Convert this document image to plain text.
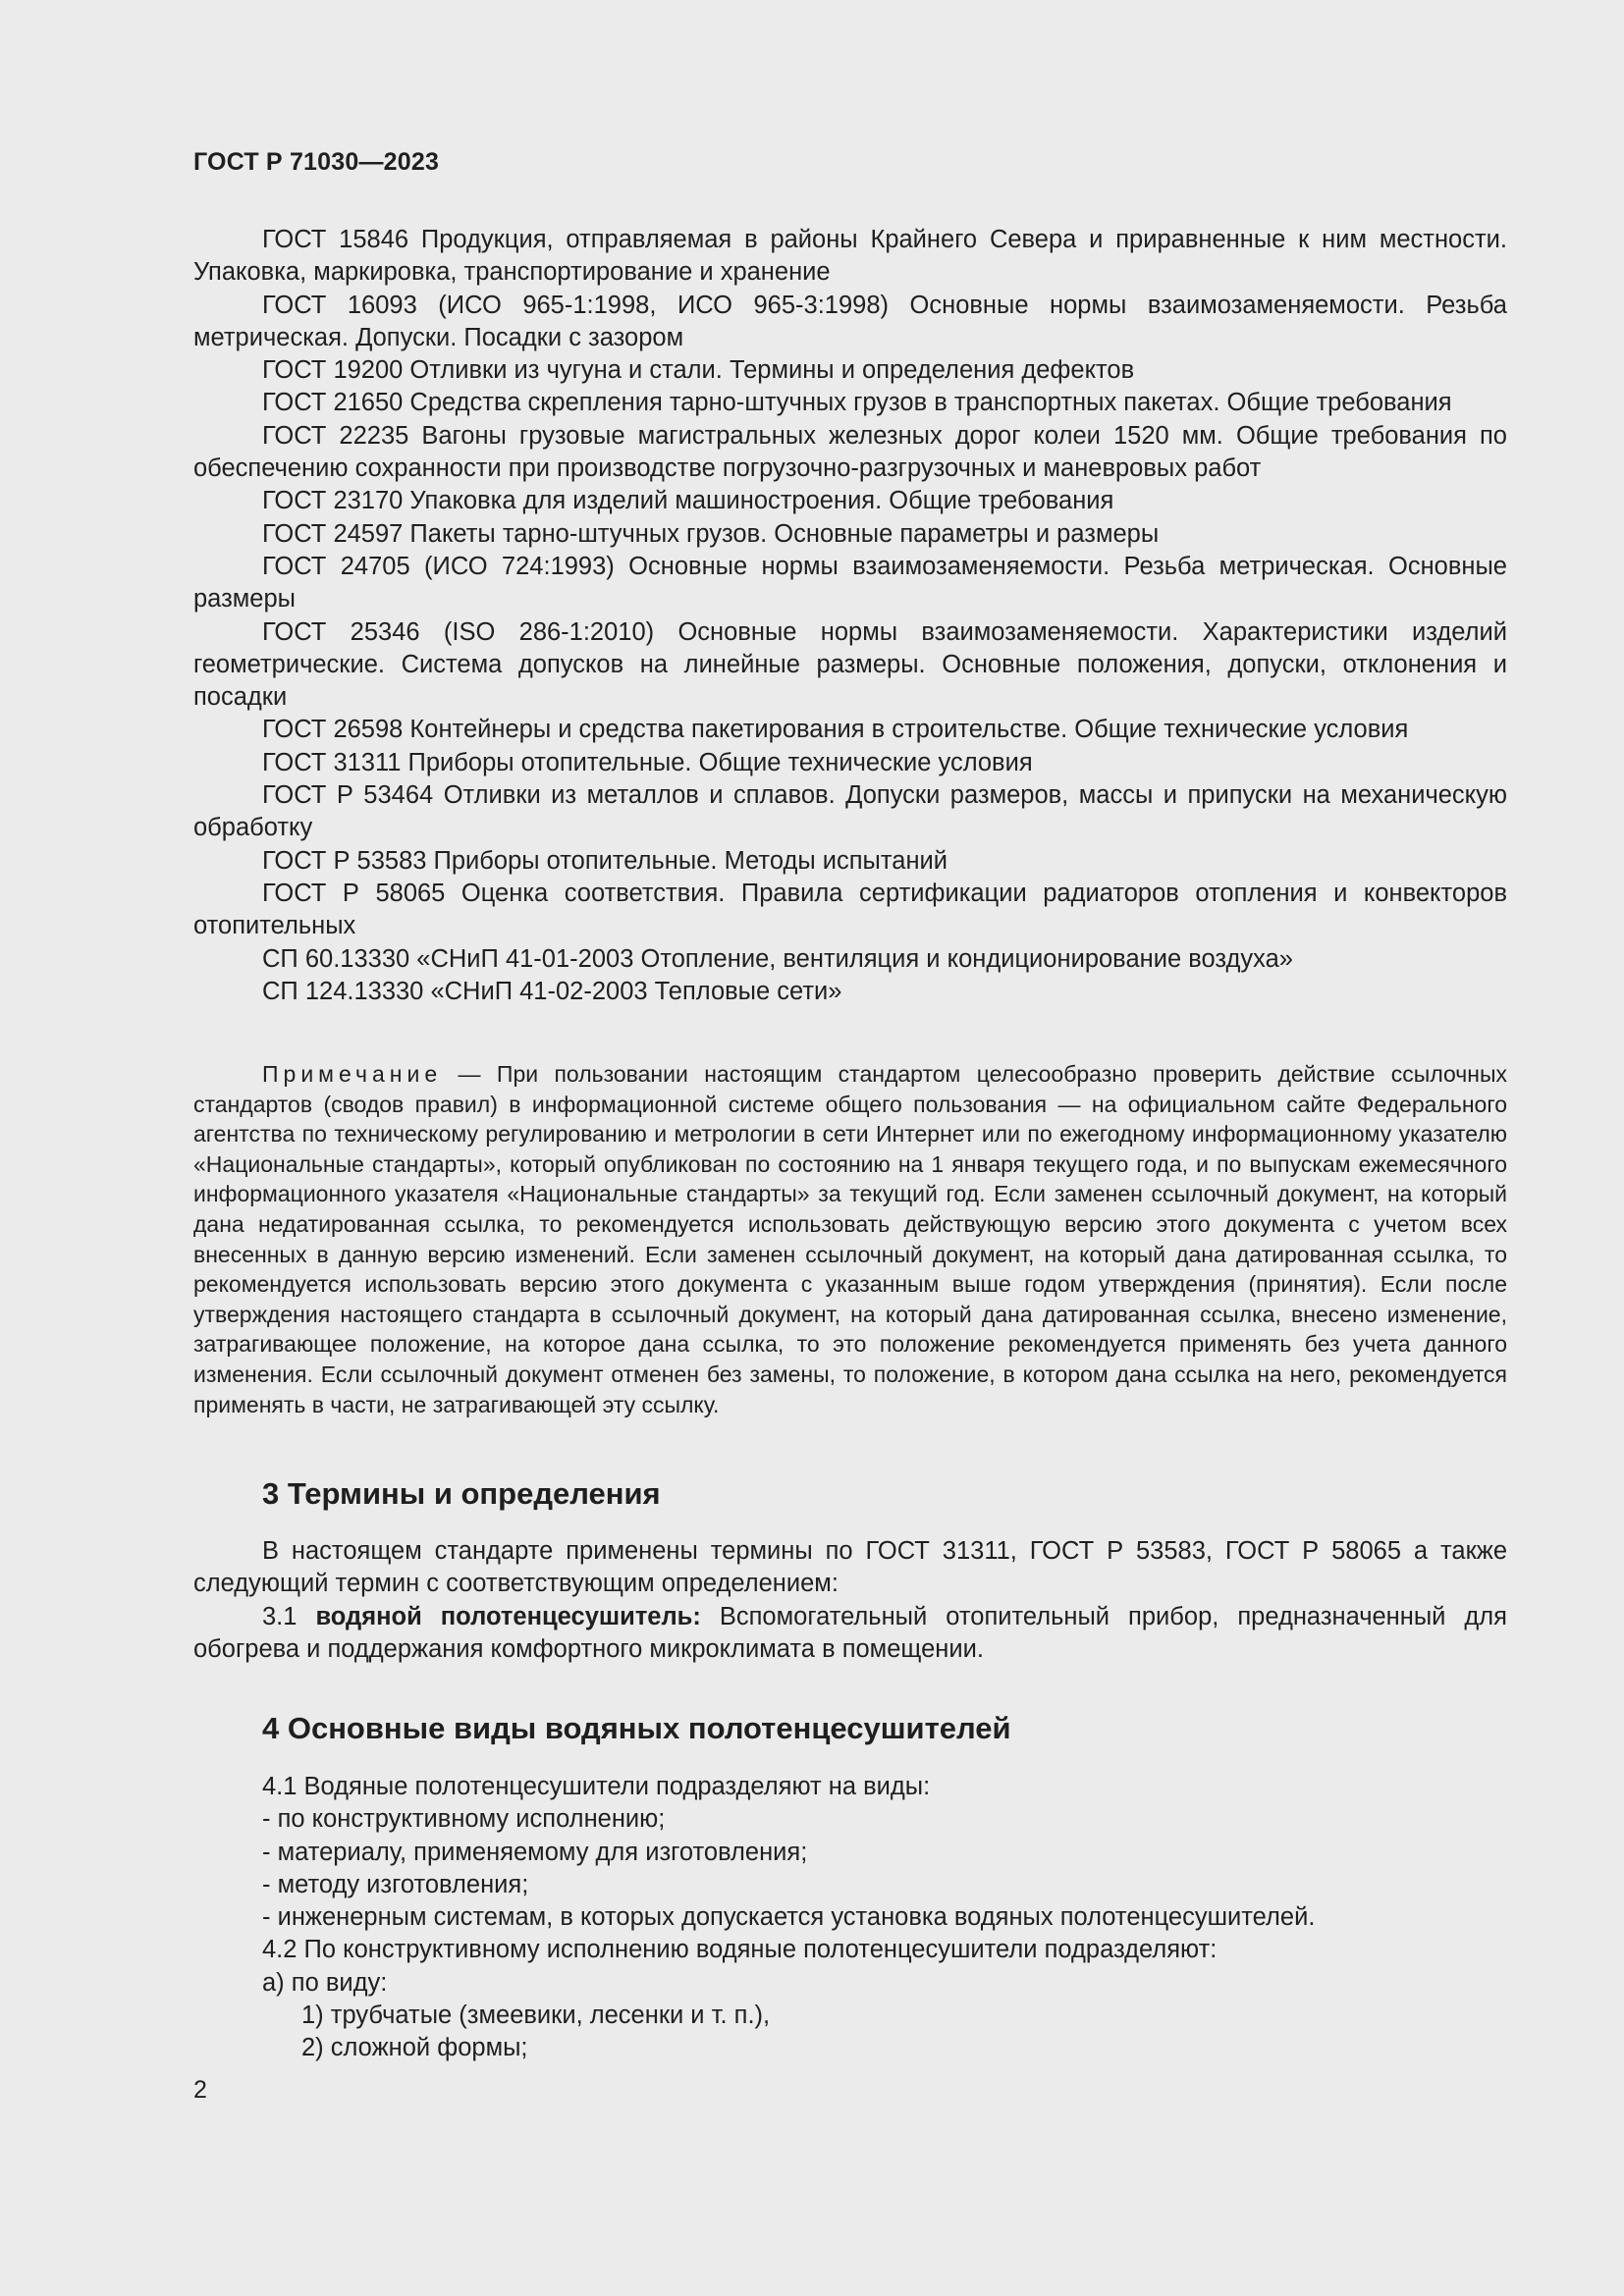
ГОСТ Р 71030—2023

ГОСТ 15846 Продукция, отправляемая в районы Крайнего Севера и приравненные к ним местности. Упаковка, маркировка, транспортирование и хранение

ГОСТ 16093 (ИСО 965-1:1998, ИСО 965-3:1998) Основные нормы взаимозаменяемости. Резьба метрическая. Допуски. Посадки с зазором

ГОСТ 19200 Отливки из чугуна и стали. Термины и определения дефектов

ГОСТ 21650 Средства скрепления тарно-штучных грузов в транспортных пакетах. Общие требования

ГОСТ 22235 Вагоны грузовые магистральных железных дорог колеи 1520 мм. Общие требования по обеспечению сохранности при производстве погрузочно-разгрузочных и маневровых работ

ГОСТ 23170 Упаковка для изделий машиностроения. Общие требования

ГОСТ 24597 Пакеты тарно-штучных грузов. Основные параметры и размеры

ГОСТ 24705 (ИСО 724:1993) Основные нормы взаимозаменяемости. Резьба метрическая. Основные размеры

ГОСТ 25346 (ISO 286-1:2010) Основные нормы взаимозаменяемости. Характеристики изделий геометрические. Система допусков на линейные размеры. Основные положения, допуски, отклонения и посадки

ГОСТ 26598 Контейнеры и средства пакетирования в строительстве. Общие технические условия

ГОСТ 31311 Приборы отопительные. Общие технические условия

ГОСТ Р 53464 Отливки из металлов и сплавов. Допуски размеров, массы и припуски на механическую обработку

ГОСТ Р 53583 Приборы отопительные. Методы испытаний

ГОСТ Р 58065 Оценка соответствия. Правила сертификации радиаторов отопления и конвекторов отопительных

СП 60.13330 «СНиП 41-01-2003 Отопление, вентиляция и кондиционирование воздуха»

СП 124.13330 «СНиП 41-02-2003 Тепловые сети»

Примечание — При пользовании настоящим стандартом целесообразно проверить действие ссылочных стандартов (сводов правил) в информационной системе общего пользования — на официальном сайте Федерального агентства по техническому регулированию и метрологии в сети Интернет или по ежегодному информационному указателю «Национальные стандарты», который опубликован по состоянию на 1 января текущего года, и по выпускам ежемесячного информационного указателя «Национальные стандарты» за текущий год. Если заменен ссылочный документ, на который дана недатированная ссылка, то рекомендуется использовать действующую версию этого документа с учетом всех внесенных в данную версию изменений. Если заменен ссылочный документ, на который дана датированная ссылка, то рекомендуется использовать версию этого документа с указанным выше годом утверждения (принятия). Если после утверждения настоящего стандарта в ссылочный документ, на который дана датированная ссылка, внесено изменение, затрагивающее положение, на которое дана ссылка, то это положение рекомендуется применять без учета данного изменения. Если ссылочный документ отменен без замены, то положение, в котором дана ссылка на него, рекомендуется применять в части, не затрагивающей эту ссылку.

3 Термины и определения

В настоящем стандарте применены термины по ГОСТ 31311, ГОСТ Р 53583, ГОСТ Р 58065 а также следующий термин с соответствующим определением:

3.1 водяной полотенцесушитель: Вспомогательный отопительный прибор, предназначенный для обогрева и поддержания комфортного микроклимата в помещении.

4 Основные виды водяных полотенцесушителей

4.1 Водяные полотенцесушители подразделяют на виды:

- по конструктивному исполнению;

- материалу, применяемому для изготовления;

- методу изготовления;

- инженерным системам, в которых допускается установка водяных полотенцесушителей.

4.2 По конструктивному исполнению водяные полотенцесушители подразделяют:

а) по виду:

1) трубчатые (змеевики, лесенки и т. п.),

2) сложной формы;

2
